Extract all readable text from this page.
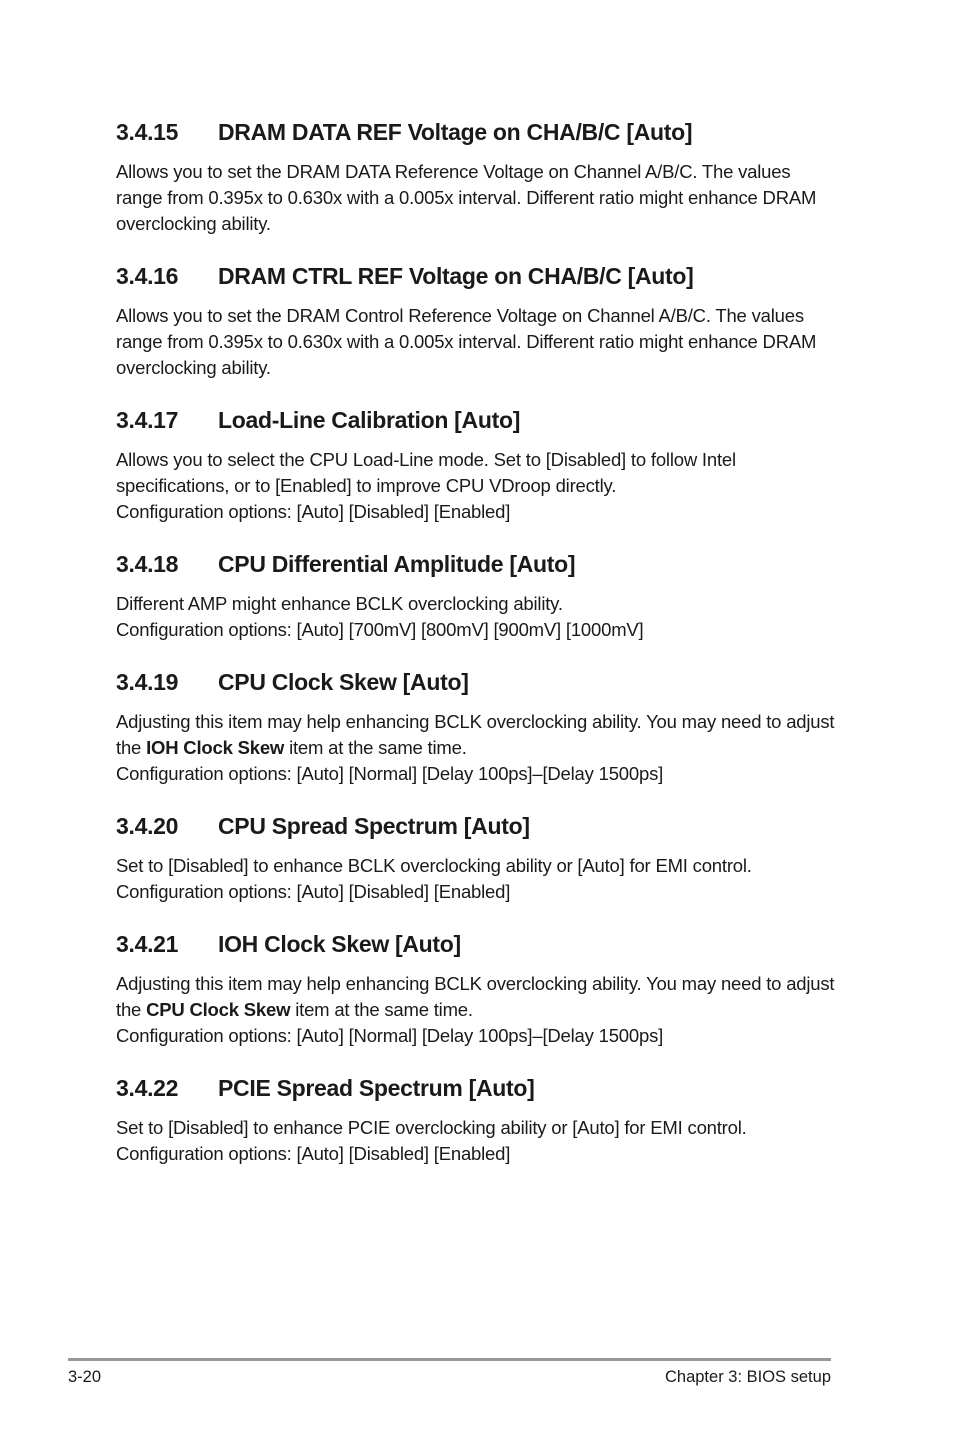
3.4.15	DRAM DATA REF Voltage on CHA/B/C [Auto]

Allows you to set the DRAM DATA Reference Voltage on Channel A/B/C. The values range from 0.395x to 0.630x with a 0.005x interval. Different ratio might enhance DRAM overclocking ability.

3.4.16	DRAM CTRL REF Voltage on CHA/B/C [Auto]

Allows you to set the DRAM Control Reference Voltage on Channel A/B/C. The values range from 0.395x to 0.630x with a 0.005x interval. Different ratio might enhance DRAM overclocking ability.

3.4.17	Load-Line Calibration [Auto]

Allows you to select the CPU Load-Line mode. Set to [Disabled] to follow Intel specifications, or to [Enabled] to improve CPU VDroop directly.

Configuration options: [Auto] [Disabled] [Enabled]

3.4.18	CPU Differential Amplitude [Auto]

Different AMP might enhance BCLK overclocking ability.

Configuration options: [Auto] [700mV] [800mV] [900mV] [1000mV]

3.4.19	CPU Clock Skew [Auto]

Adjusting this item may help enhancing BCLK overclocking ability. You may need to adjust the IOH Clock Skew item at the same time.

Configuration options: [Auto] [Normal] [Delay 100ps]–[Delay 1500ps]

3.4.20	CPU Spread Spectrum [Auto]

Set to [Disabled] to enhance BCLK overclocking ability or [Auto] for EMI control.

Configuration options: [Auto] [Disabled] [Enabled]

3.4.21	IOH Clock Skew [Auto]

Adjusting this item may help enhancing BCLK overclocking ability. You may need to adjust the CPU Clock Skew item at the same time.

Configuration options: [Auto] [Normal] [Delay 100ps]–[Delay 1500ps]

3.4.22	PCIE Spread Spectrum [Auto]

Set to [Disabled] to enhance PCIE overclocking ability or [Auto] for EMI control.

Configuration options: [Auto] [Disabled] [Enabled]

3-20	Chapter 3: BIOS setup
